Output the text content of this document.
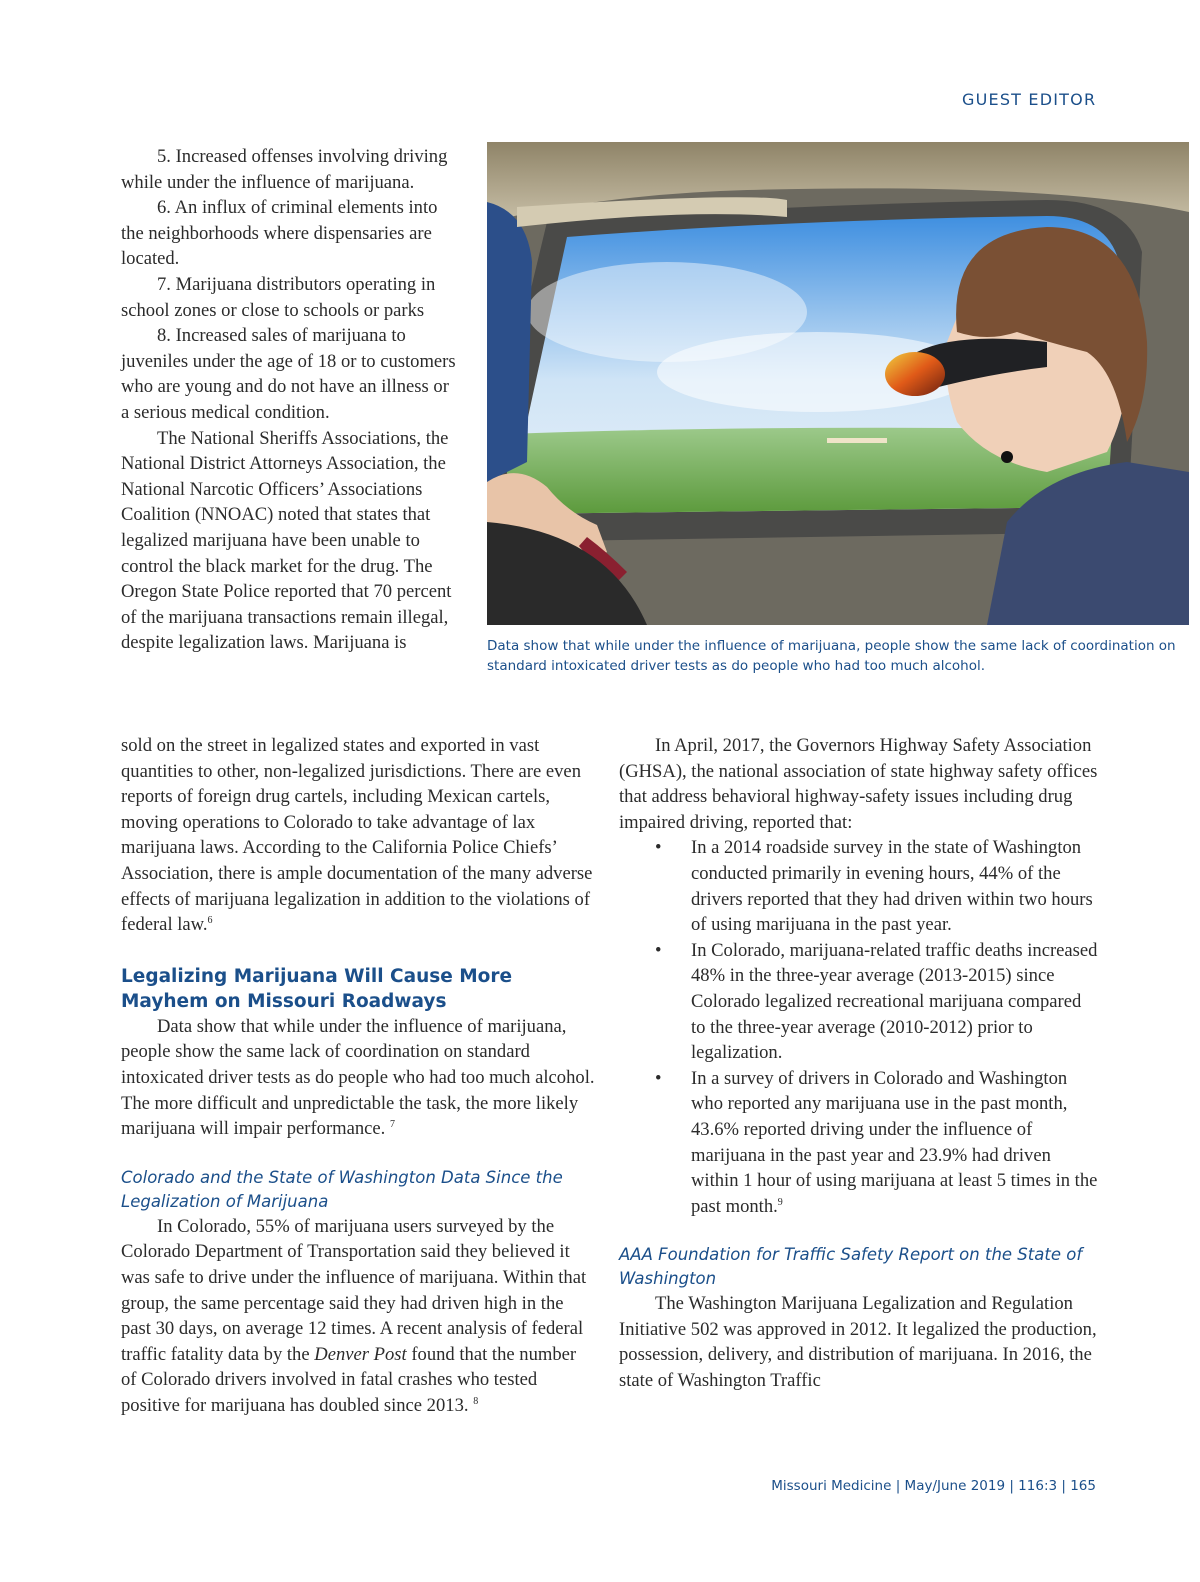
GUEST EDITOR

5. Increased offenses involving driving while under the influence of marijuana.

6. An influx of criminal elements into the neighborhoods where dispensaries are located.

7. Marijuana distributors operating in school zones or close to schools or parks

8. Increased sales of marijuana to juveniles under the age of 18 or to customers who are young and do not have an illness or a serious medical condition.

The National Sheriffs Associations, the National District Attorneys Association, the National Narcotic Officers’ Associations Coalition (NNOAC) noted that states that legalized marijuana have been unable to control the black market for the drug. The Oregon State Police reported that 70 percent of the marijuana transactions remain illegal, despite legalization laws. Marijuana is	Data show that while under the influence of marijuana, people show the same lack of coordination on standard intoxicated driver tests as do people who had too much alcohol.

sold on the street in legalized states and exported in vast quantities to other, non-legalized jurisdictions. There are even reports of foreign drug cartels, including Mexican cartels, moving operations to Colorado to take advantage of lax marijuana laws. According to the California Police Chiefs’ Association, there is ample documentation of the many adverse effects of marijuana legalization in addition to the violations of federal law.$^6$

Legalizing Marijuana Will Cause More Mayhem on Missouri Roadways

Data show that while under the influence of marijuana, people show the same lack of coordination on standard intoxicated driver tests as do people who had too much alcohol. The more difficult and unpredictable the task, the more likely marijuana will impair performance. $^7$

Colorado and the State of Washington Data Since the Legalization of Marijuana

In Colorado, 55% of marijuana users surveyed by the Colorado Department of Transportation said they believed it was safe to drive under the influence of marijuana. Within that group, the same percentage said they had driven high in the past 30 days, on average 12 times. A recent analysis of federal traffic fatality data by the Denver Post found that the number of Colorado drivers involved in fatal crashes who tested positive for marijuana has doubled since 2013. $^8$

In April, 2017, the Governors Highway Safety Association (GHSA), the national association of state highway safety offices that address behavioral highway-safety issues including drug impaired driving, reported that:

• In a 2014 roadside survey in the state of Washington conducted primarily in evening hours, 44% of the drivers reported that they had driven within two hours of using marijuana in the past year.
• In Colorado, marijuana-related traffic deaths increased 48% in the three-year average (2013-2015) since Colorado legalized recreational marijuana compared to the three-year average (2010-2012) prior to legalization.
• In a survey of drivers in Colorado and Washington who reported any marijuana use in the past month, 43.6% reported driving under the influence of marijuana in the past year and 23.9% had driven within 1 hour of using marijuana at least 5 times in the past month.$^9$
AAA Foundation for Traffic Safety Report on the State of Washington

The Washington Marijuana Legalization and Regulation Initiative 502 was approved in 2012. It legalized the production, possession, delivery, and distribution of marijuana. In 2016, the state of Washington Traffic

Missouri Medicine | May/June 2019 | 116:3 | 165
